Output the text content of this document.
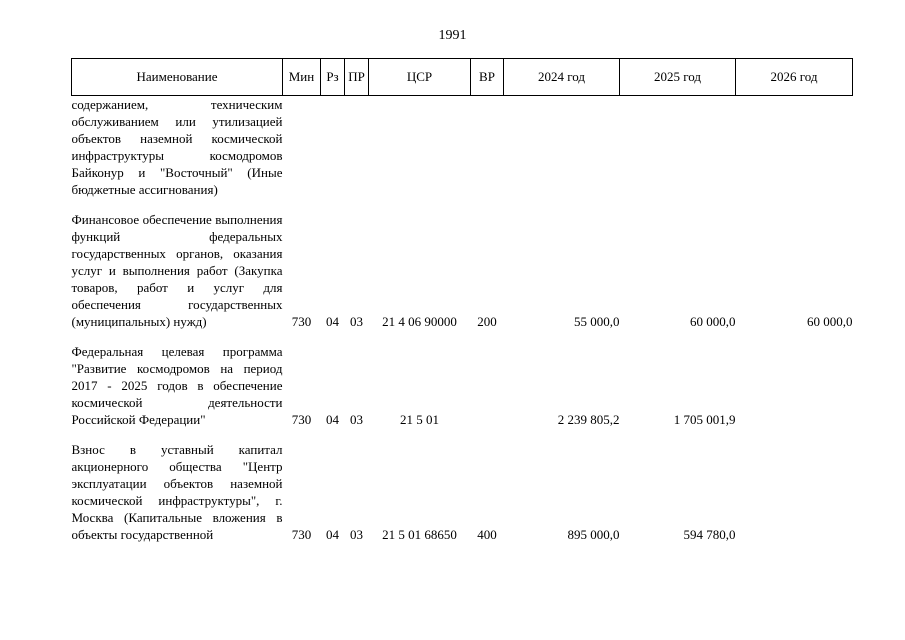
1991
Наименование	Мин	Рз	ПР	ЦСР	ВР	2024 год	2025 год	2026 год

содержанием, техническим обслуживанием или утилизацией объектов наземной космической инфраструктуры космодромов Байконур и "Восточный" (Иные бюджетные ассигнования)								

Финансовое обеспечение выполнения функций федеральных государственных органов, оказания услуг и выполнения работ (Закупка товаров, работ и услуг для обеспечения государственных (муниципальных) нужд)	730	04	03	21 4 06 90000	200	55 000,0	60 000,0	60 000,0

Федеральная целевая программа "Развитие космодромов на период 2017 - 2025 годов в обеспечение космической деятельности Российской Федерации"	730	04	03	21 5 01		2 239 805,2	1 705 001,9	

Взнос в уставный капитал акционерного общества "Центр эксплуатации объектов наземной космической инфраструктуры", г. Москва (Капитальные вложения в объекты государственной	730	04	03	21 5 01 68650	400	895 000,0	594 780,0	
